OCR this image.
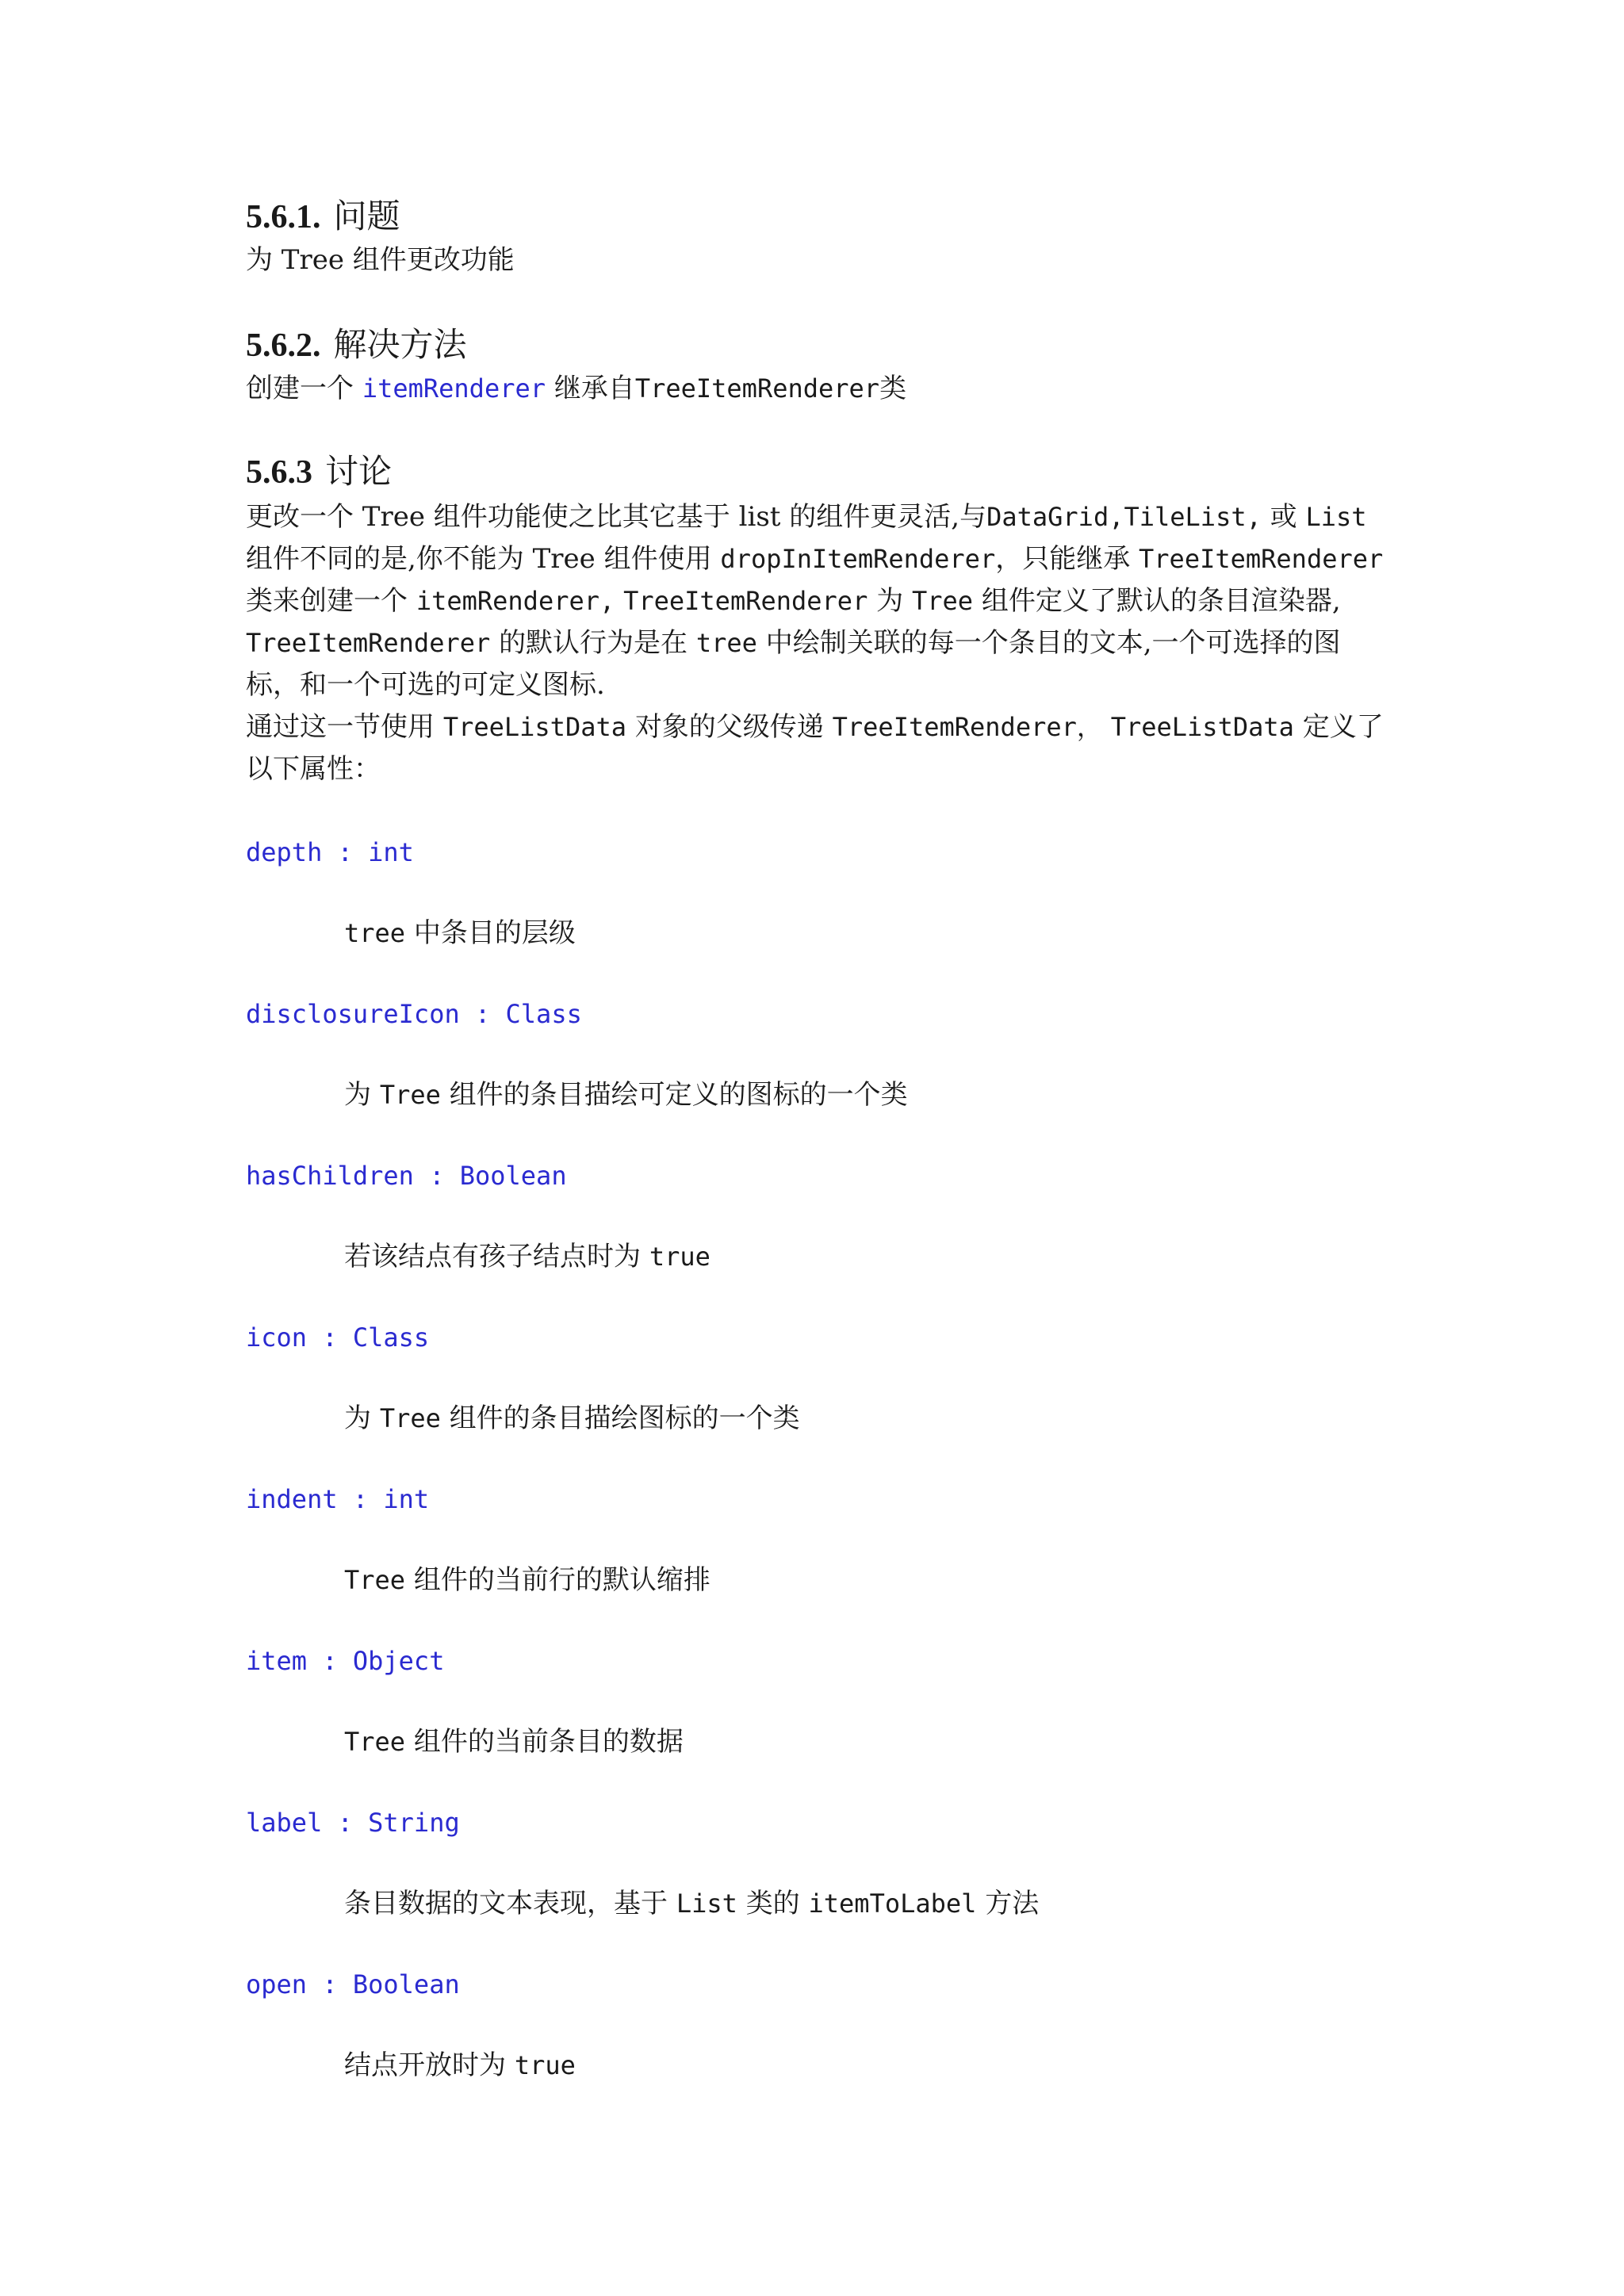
5.6.1. 问题

为 Tree 组件更改功能

5.6.2. 解决方法

创建一个 itemRenderer 继承自TreeItemRenderer类

5.6.3 讨论

更改一个 Tree 组件功能使之比其它基于 list 的组件更灵活,与DataGrid,TileList, 或 List

组件不同的是,你不能为 Tree 组件使用 dropInItemRenderer，只能继承 TreeItemRenderer

类来创建一个 itemRenderer, TreeItemRenderer 为 Tree 组件定义了默认的条目渲染器,

TreeItemRenderer 的默认行为是在 tree 中绘制关联的每一个条目的文本,一个可选择的图

标，和一个可选的可定义图标.

通过这一节使用 TreeListData 对象的父级传递 TreeItemRenderer， TreeListData 定义了

以下属性：

depth : int

tree 中条目的层级

disclosureIcon : Class

为 Tree 组件的条目描绘可定义的图标的一个类

hasChildren : Boolean

若该结点有孩子结点时为 true

icon : Class

为 Tree 组件的条目描绘图标的一个类

indent : int

Tree 组件的当前行的默认缩排

item : Object

Tree 组件的当前条目的数据

label : String

条目数据的文本表现，基于 List 类的 itemToLabel 方法

open : Boolean

结点开放时为 true
